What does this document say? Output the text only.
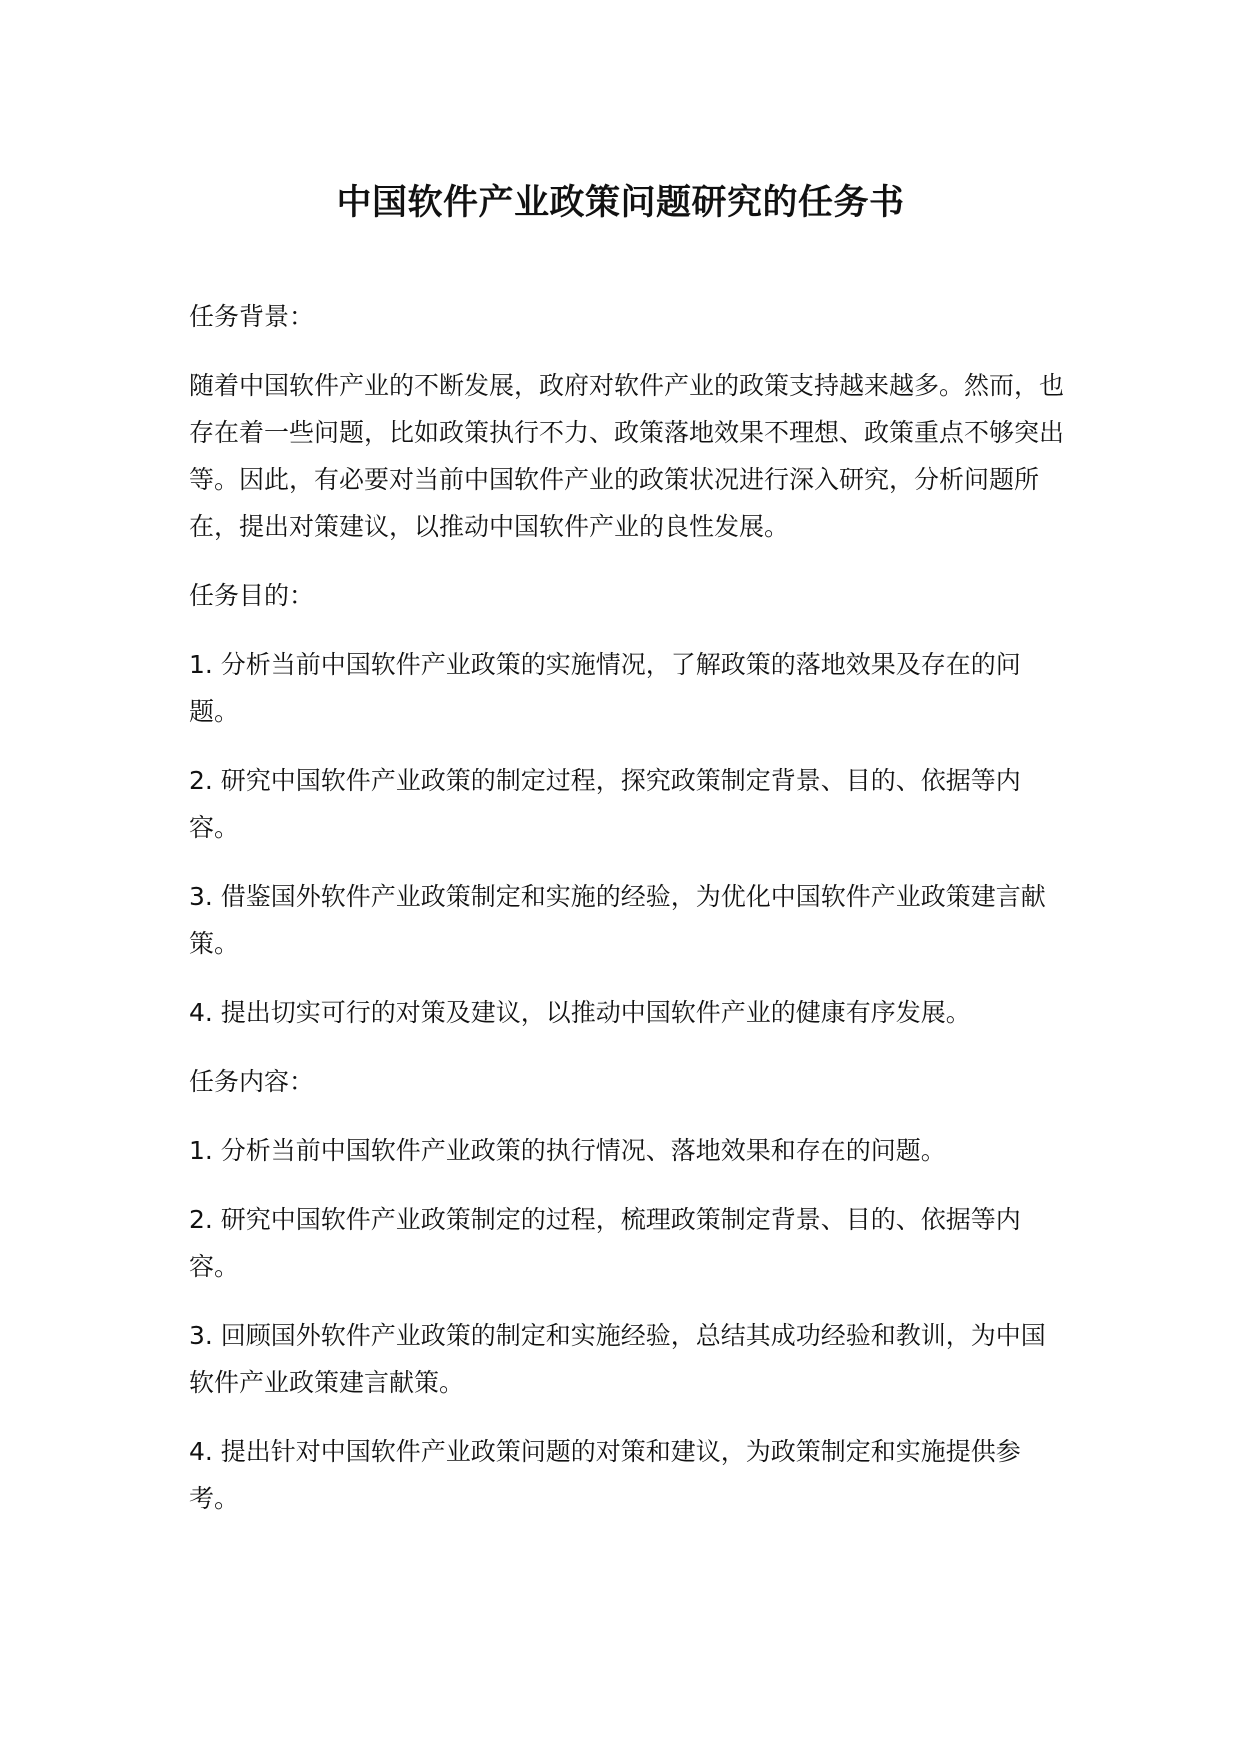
中国软件产业政策问题研究的任务书

任务背景：

随着中国软件产业的不断发展，政府对软件产业的政策支持越来越多。然而，也存在着一些问题，比如政策执行不力、政策落地效果不理想、政策重点不够突出等。因此，有必要对当前中国软件产业的政策状况进行深入研究，分析问题所在，提出对策建议，以推动中国软件产业的良性发展。

任务目的：

1. 分析当前中国软件产业政策的实施情况，了解政策的落地效果及存在的问题。

2. 研究中国软件产业政策的制定过程，探究政策制定背景、目的、依据等内容。

3. 借鉴国外软件产业政策制定和实施的经验，为优化中国软件产业政策建言献策。

4. 提出切实可行的对策及建议，以推动中国软件产业的健康有序发展。

任务内容：

1. 分析当前中国软件产业政策的执行情况、落地效果和存在的问题。

2. 研究中国软件产业政策制定的过程，梳理政策制定背景、目的、依据等内容。

3. 回顾国外软件产业政策的制定和实施经验，总结其成功经验和教训，为中国软件产业政策建言献策。

4. 提出针对中国软件产业政策问题的对策和建议，为政策制定和实施提供参考。
